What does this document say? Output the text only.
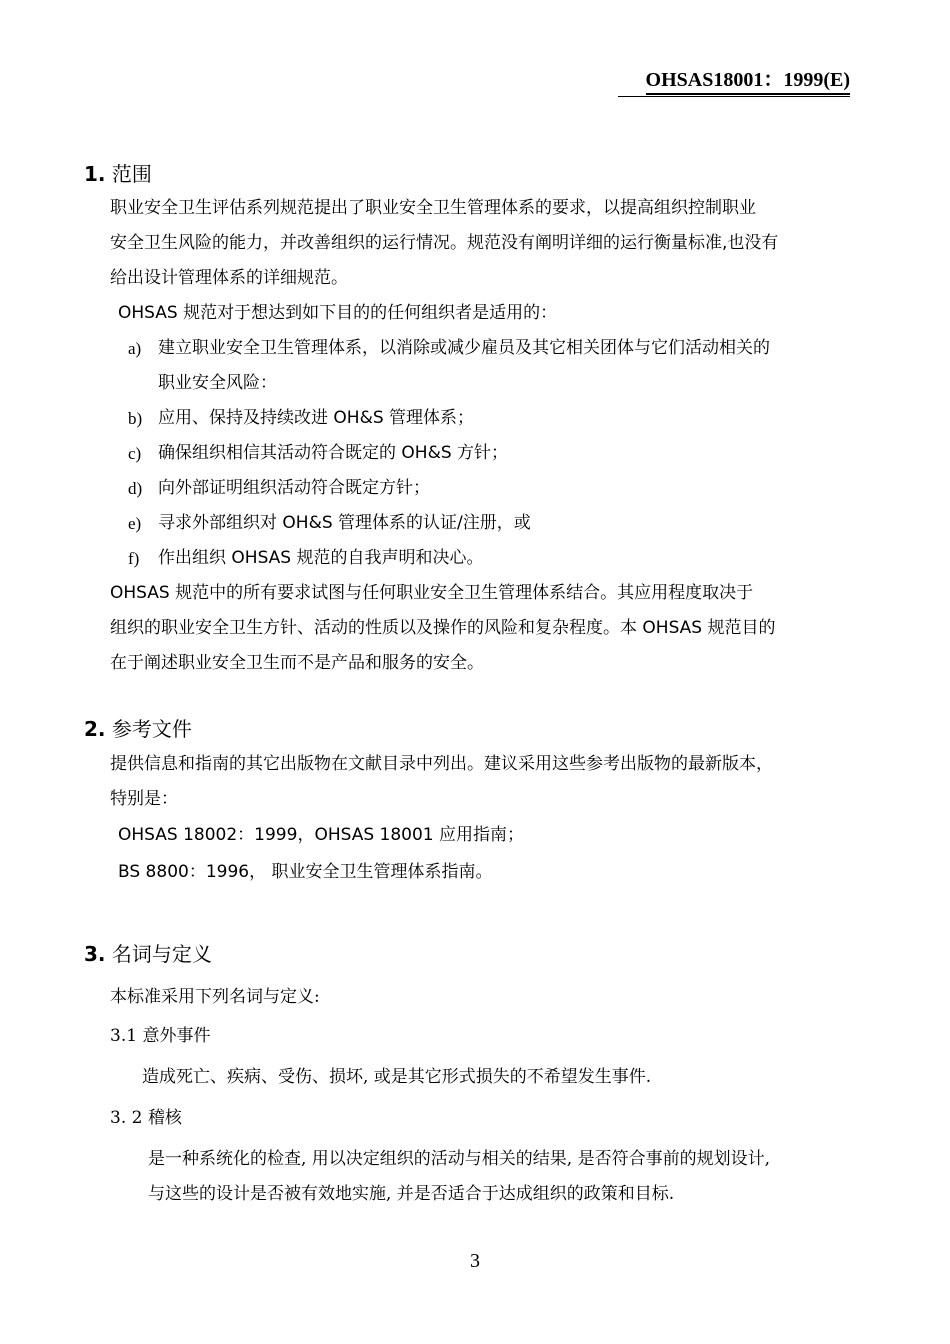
OHSAS18001：1999(E)
1. 范围
职业安全卫生评估系列规范提出了职业安全卫生管理体系的要求，以提高组织控制职业
安全卫生风险的能力，并改善组织的运行情况。规范没有阐明详细的运行衡量标准,也没有
给出设计管理体系的详细规范。
OHSAS 规范对于想达到如下目的的任何组织者是适用的：
a) 建立职业安全卫生管理体系，以消除或减少雇员及其它相关团体与它们活动相关的
职业安全风险：
b) 应用、保持及持续改进 OH&S 管理体系；
c) 确保组织相信其活动符合既定的 OH&S 方针；
d) 向外部证明组织活动符合既定方针；
e) 寻求外部组织对 OH&S 管理体系的认证/注册，或
f) 作出组织 OHSAS 规范的自我声明和决心。
OHSAS 规范中的所有要求试图与任何职业安全卫生管理体系结合。其应用程度取决于
组织的职业安全卫生方针、活动的性质以及操作的风险和复杂程度。本 OHSAS 规范目的
在于阐述职业安全卫生而不是产品和服务的安全。
2. 参考文件
提供信息和指南的其它出版物在文献目录中列出。建议采用这些参考出版物的最新版本，
特别是：
OHSAS 18002：1999，OHSAS 18001 应用指南；
BS 8800：1996， 职业安全卫生管理体系指南。
3. 名词与定义
本标准采用下列名词与定义:
3.1 意外事件
造成死亡、疾病、受伤、损坏, 或是其它形式损失的不希望发生事件.
3. 2 稽核
是一种系统化的检查, 用以决定组织的活动与相关的结果, 是否符合事前的规划设计,
与这些的设计是否被有效地实施, 并是否适合于达成组织的政策和目标.
3
